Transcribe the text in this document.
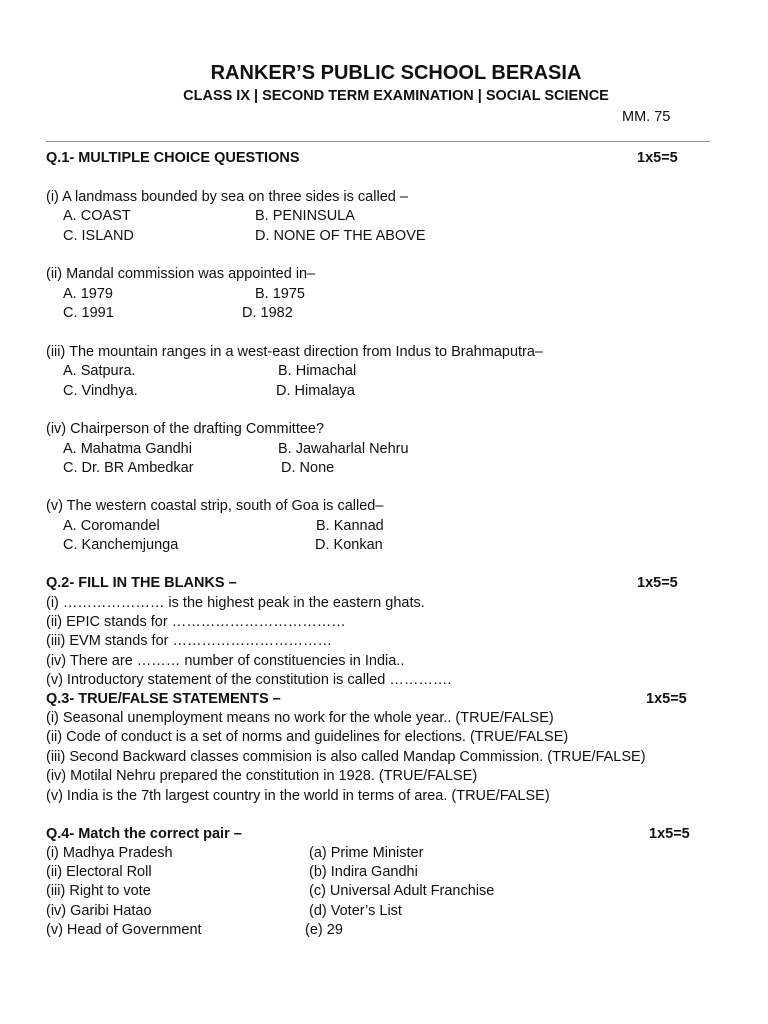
RANKER’S PUBLIC SCHOOL BERASIA
CLASS IX | SECOND TERM EXAMINATION | SOCIAL SCIENCE
MM. 75
Q.1- MULTIPLE CHOICE QUESTIONS	1x5=5
(i) A landmass bounded by sea on three sides is called –
A. COAST	B. PENINSULA
C. ISLAND	D. NONE OF THE ABOVE
(ii) Mandal commission was appointed in–
A. 1979	B. 1975
C. 1991	D. 1982
(iii) The mountain ranges in a west-east direction from Indus to Brahmaputra–
A. Satpura.	B. Himachal
C. Vindhya.	D. Himalaya
(iv) Chairperson of the drafting Committee?
A. Mahatma Gandhi	B. Jawaharlal Nehru
C. Dr. BR Ambedkar	D. None
(v) The western coastal strip, south of Goa is called–
A. Coromandel	B. Kannad
C. Kanchemjunga	D. Konkan
Q.2- FILL IN THE BLANKS –	1x5=5
(i) ………………… is the highest peak in the eastern ghats.
(ii) EPIC stands for ………………………………
(iii) EVM stands for ……………………………
(iv) There are ……… number of constituencies in India..
(v) Introductory statement of the constitution is called ………….
Q.3- TRUE/FALSE STATEMENTS –	1x5=5
(i) Seasonal unemployment means no work for the whole year.. (TRUE/FALSE)
(ii) Code of conduct is a set of norms and guidelines for elections. (TRUE/FALSE)
(iii) Second Backward classes commision is also called Mandap Commission. (TRUE/FALSE)
(iv) Motilal Nehru prepared the constitution in 1928. (TRUE/FALSE)
(v) India is the 7th largest country in the world in terms of area. (TRUE/FALSE)
Q.4- Match the correct pair –	1x5=5
(i) Madhya Pradesh	(a) Prime Minister
(ii) Electoral Roll	(b) Indira Gandhi
(iii) Right to vote	(c) Universal Adult Franchise
(iv) Garibi Hatao	(d) Voter’s List
(v) Head of Government	(e) 29
